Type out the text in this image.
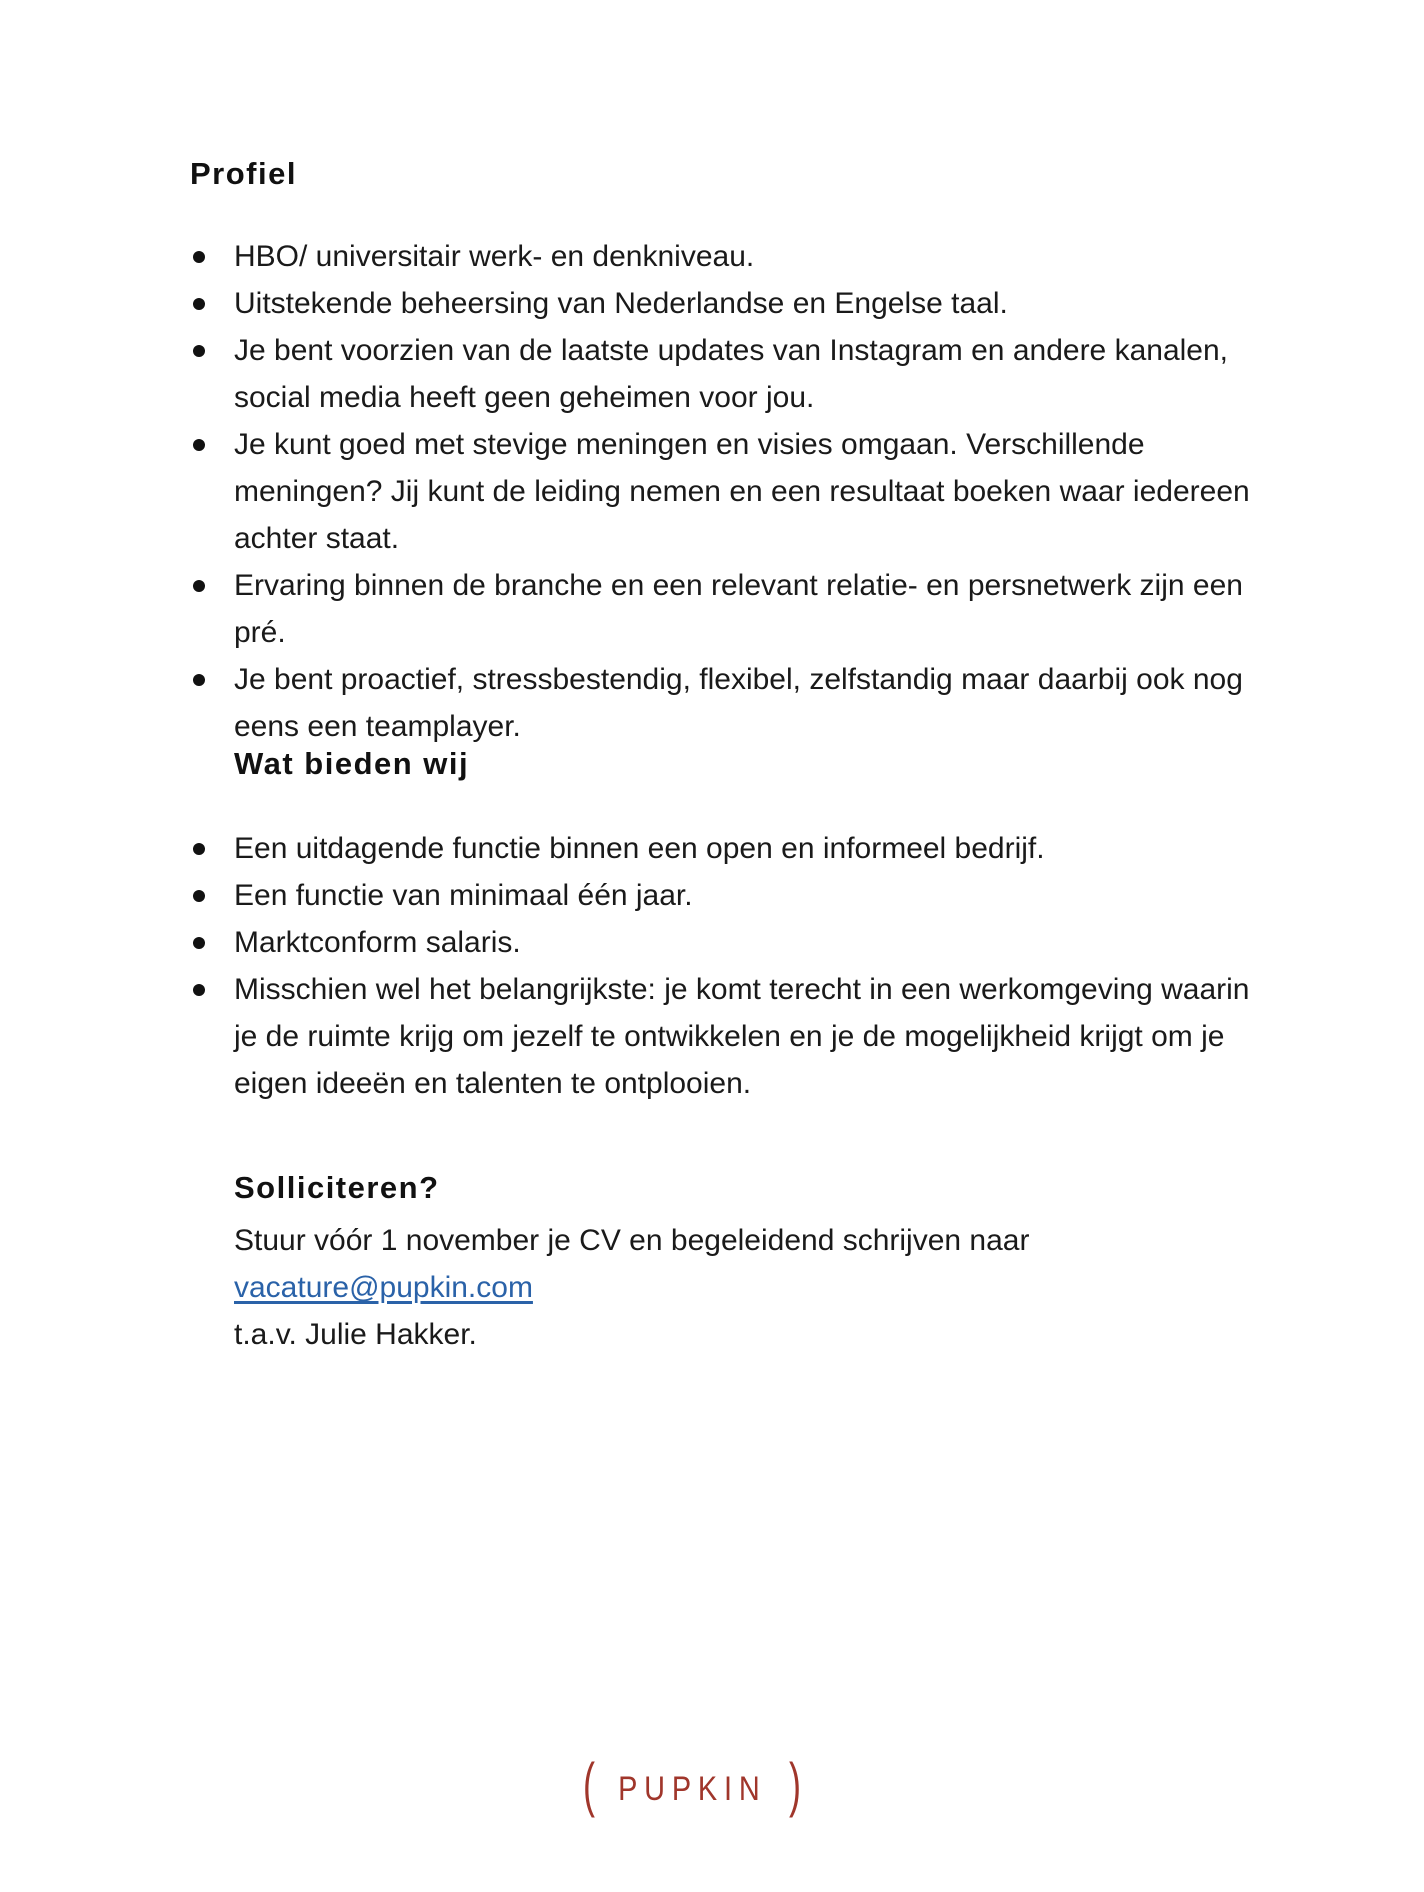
Profiel
HBO/ universitair werk- en denkniveau.
Uitstekende beheersing van Nederlandse en Engelse taal.
Je bent voorzien van de laatste updates van Instagram en andere kanalen, social media heeft geen geheimen voor jou.
Je kunt goed met stevige meningen en visies omgaan. Verschillende meningen? Jij kunt de leiding nemen en een resultaat boeken waar iedereen achter staat.
Ervaring binnen de branche en een relevant relatie- en persnetwerk zijn een pré.
Je bent proactief, stressbestendig, flexibel, zelfstandig maar daarbij ook nog eens een teamplayer.
Wat bieden wij
Een uitdagende functie binnen een open en informeel bedrijf.
Een functie van minimaal één jaar.
Marktconform salaris.
Misschien wel het belangrijkste: je komt terecht in een werkomgeving waarin je de ruimte krijg om jezelf te ontwikkelen en je de mogelijkheid krijgt om je eigen ideeën en talenten te ontplooien.
Solliciteren?
Stuur vóór 1 november je CV en begeleidend schrijven naar vacature@pupkin.com
t.a.v. Julie Hakker.
( PUPKIN )
